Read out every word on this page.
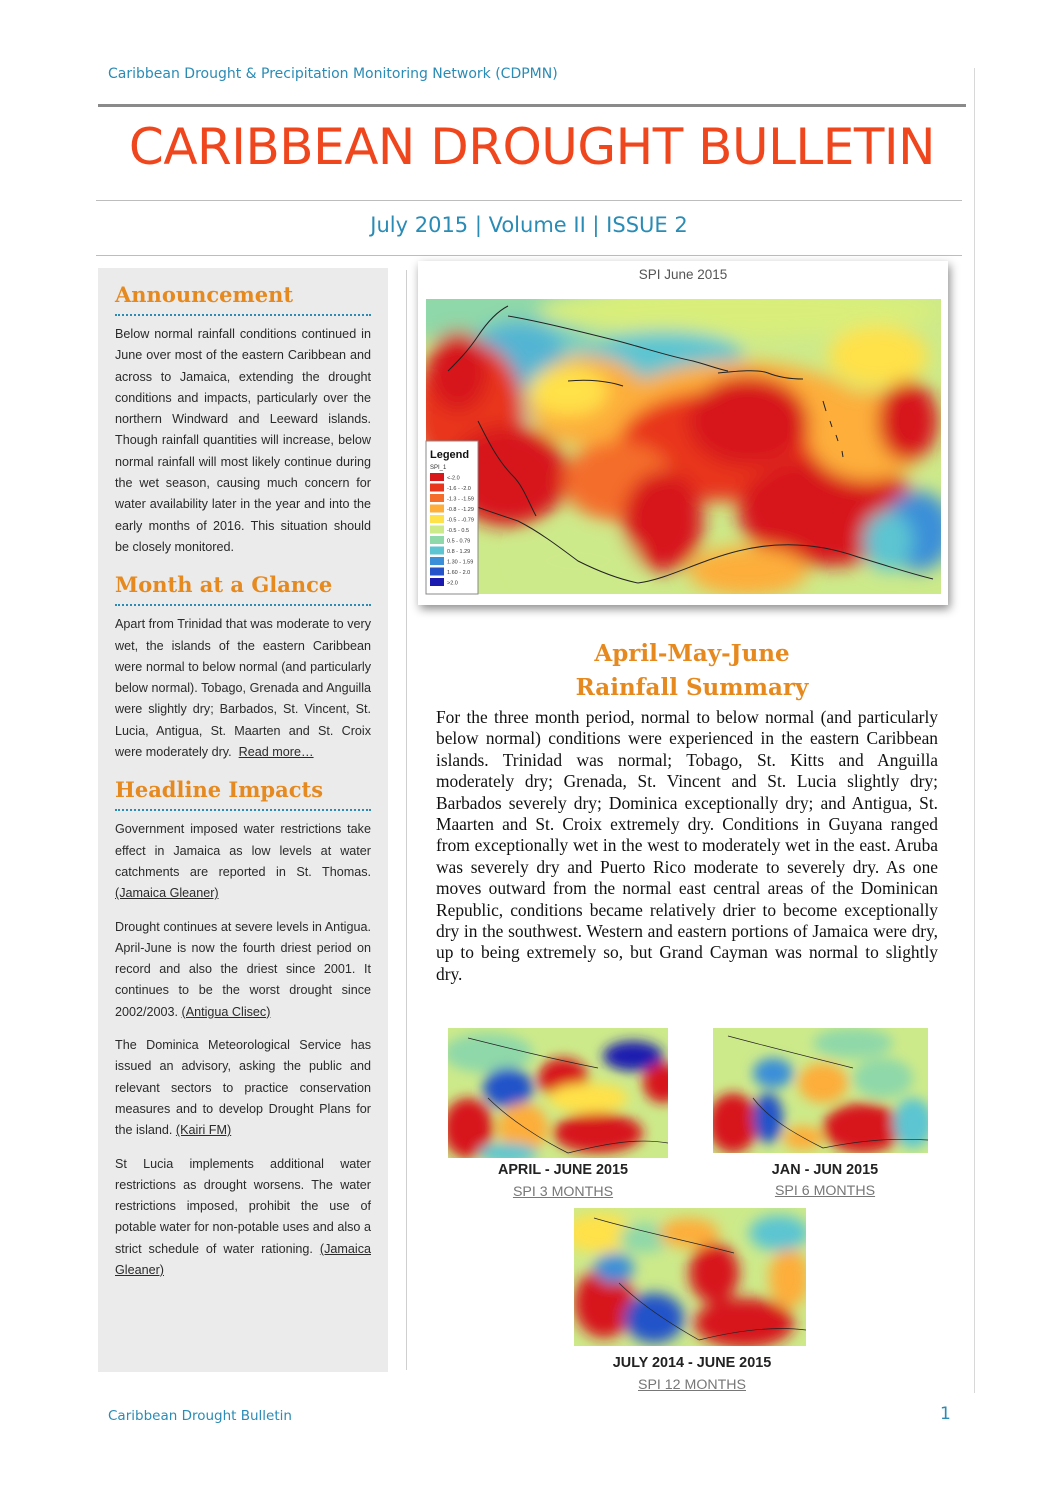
Caribbean Drought & Precipitation Monitoring Network (CDPMN)
CARIBBEAN DROUGHT BULLETIN
July 2015 | Volume II | ISSUE 2
Announcement

Below normal rainfall conditions continued in June over most of the eastern Caribbean and across to Jamaica, extending the drought conditions and impacts, particularly over the northern Windward and Leeward islands. Though rainfall quantities will increase, below normal rainfall will most likely continue during the wet season, causing much concern for water availability later in the year and into the early months of 2016. This situation should be closely monitored.

Month at a Glance

Apart from Trinidad that was moderate to very wet, the islands of the eastern Caribbean were normal to below normal (and particularly below normal). Tobago, Grenada and Anguilla were slightly dry; Barbados, St. Vincent, St. Lucia, Antigua, St. Maarten and St. Croix were moderately dry. Read more…

Headline Impacts

Government imposed water restrictions take effect in Jamaica as low levels at water catchments are reported in St. Thomas. (Jamaica Gleaner)

Drought continues at severe levels in Antigua. April-June is now the fourth driest period on record and also the driest since 2001. It continues to be the worst drought since 2002/2003. (Antigua Clisec)

The Dominica Meteorological Service has issued an advisory, asking the public and relevant sectors to practice conservation measures and to develop Drought Plans for the island. (Kairi FM)

St Lucia implements additional water restrictions as drought worsens. The water restrictions imposed, prohibit the use of potable water for non-potable uses and also a strict schedule of water rationing. (Jamaica Gleaner)

SPI June 2015
Legend
SPI_1
<-2.0
-1.6 - -2.0
-1.3 - -1.59
-0.8 - -1.29
-0.5 - -0.79
-0.5 - 0.5
0.5 - 0.79
0.8 - 1.29
1.30 - 1.59
1.60 - 2.0
>2.0
April-May-June
Rainfall Summary

For the three month period, normal to below normal (and particularly below normal) conditions were experienced in the eastern Caribbean islands. Trinidad was normal; Tobago, St. Kitts and Anguilla moderately dry; Grenada, St. Vincent and St. Lucia slightly dry; Barbados severely dry; Dominica exceptionally dry; and Antigua, St. Maarten and St. Croix extremely dry. Conditions in Guyana ranged from exceptionally wet in the west to moderately wet in the east. Aruba was severely dry and Puerto Rico moderate to severely dry. As one moves outward from the normal east central areas of the Dominican Republic, conditions became relatively drier to become exceptionally dry in the southwest. Western and eastern portions of Jamaica were dry, up to being extremely so, but Grand Cayman was normal to slightly dry.

APRIL - JUNE 2015
SPI 3 MONTHS
JAN - JUN 2015
SPI 6 MONTHS
JULY 2014 - JUNE 2015
SPI 12 MONTHS
Caribbean Drought Bulletin	1
